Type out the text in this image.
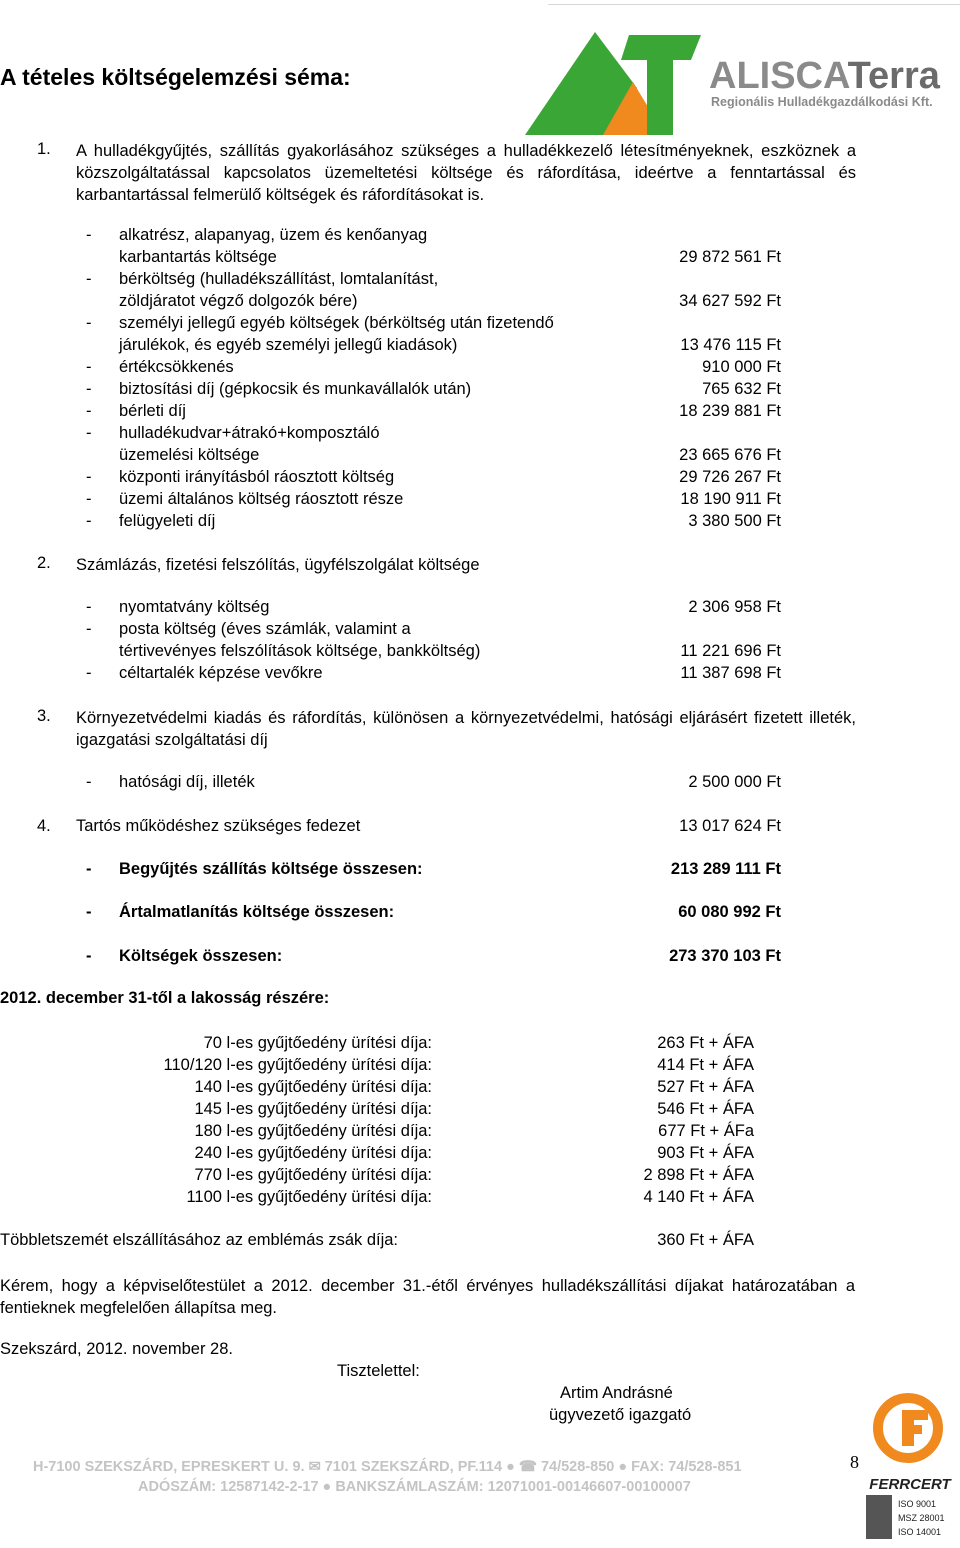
ALISCATerra
Regionális Hulladékgazdálkodási Kft.
A tételes költségelemzési séma:
1. A hulladékgyűjtés, szállítás gyakorlásához szükséges a hulladékkezelő létesítményeknek, eszköznek a közszolgáltatással kapcsolatos üzemeltetési költsége és ráfordítása, ideértve a fenntartással és karbantartással felmerülő költségek és ráfordításokat is.
- alkatrész, alapanyag, üzem és kenőanyag
karbantartás költsége	29 872 561 Ft
- bérköltség (hulladékszállítást, lomtalanítást,
zöldjáratot végző dolgozók bére)	34 627 592 Ft
- személyi jellegű egyéb költségek (bérköltség után fizetendő
járulékok, és egyéb személyi jellegű kiadások)	13 476 115 Ft
- értékcsökkenés	910 000 Ft
- biztosítási díj (gépkocsik és munkavállalók után)	765 632 Ft
- bérleti díj	18 239 881 Ft
- hulladékudvar+átrakó+komposztáló
üzemelési költsége	23 665 676 Ft
- központi irányításból ráosztott költség	29 726 267 Ft
- üzemi általános költség ráosztott része	18 190 911 Ft
- felügyeleti díj	3 380 500 Ft
2. Számlázás, fizetési felszólítás, ügyfélszolgálat költsége
- nyomtatvány költség	2 306 958 Ft
- posta költség (éves számlák, valamint a
tértivevényes felszólítások költsége, bankköltség)	11 221 696 Ft
- céltartalék képzése vevőkre	11 387 698 Ft
3. Környezetvédelmi kiadás és ráfordítás, különösen a környezetvédelmi, hatósági eljárásért fizetett illeték, igazgatási szolgáltatási díj
- hatósági díj, illeték	2 500 000 Ft
4. Tartós működéshez szükséges fedezet	13 017 624 Ft
- Begyűjtés szállítás költsége összesen:	213 289 111 Ft
- Ártalmatlanítás költsége összesen:	60 080 992 Ft
- Költségek összesen:	273 370 103 Ft
2012. december 31-től a lakosság részére:
70 l-es gyűjtőedény ürítési díja:	263 Ft + ÁFA
110/120 l-es gyűjtőedény ürítési díja:	414 Ft + ÁFA
140 l-es gyűjtőedény ürítési díja:	527 Ft + ÁFA
145 l-es gyűjtőedény ürítési díja:	546 Ft + ÁFA
180 l-es gyűjtőedény ürítési díja:	677 Ft + ÁFa
240 l-es gyűjtőedény ürítési díja:	903 Ft + ÁFA
770 l-es gyűjtőedény ürítési díja:	2 898 Ft + ÁFA
1100 l-es gyűjtőedény ürítési díja:	4 140 Ft + ÁFA
Többletszemét elszállításához az emblémás zsák díja:	360 Ft + ÁFA
Kérem, hogy a képviselőtestület a 2012. december 31.-étől érvényes hulladékszállítási díjakat határozatában a fentieknek megfelelően állapítsa meg.
Szekszárd, 2012. november 28.
Tisztelettel:
Artim Andrásné
ügyvezető igazgató
H-7100 SZEKSZÁRD, EPRESKERT U. 9. ✉ 7101 SZEKSZÁRD, PF.114 ● ☎ 74/528-850 ● FAX: 74/528-851
ADÓSZÁM: 12587142-2-17 ● BANKSZÁMLASZÁM: 12071001-00146607-00100007
8
FERRCERT
ISO 9001
MSZ 28001
ISO 14001
